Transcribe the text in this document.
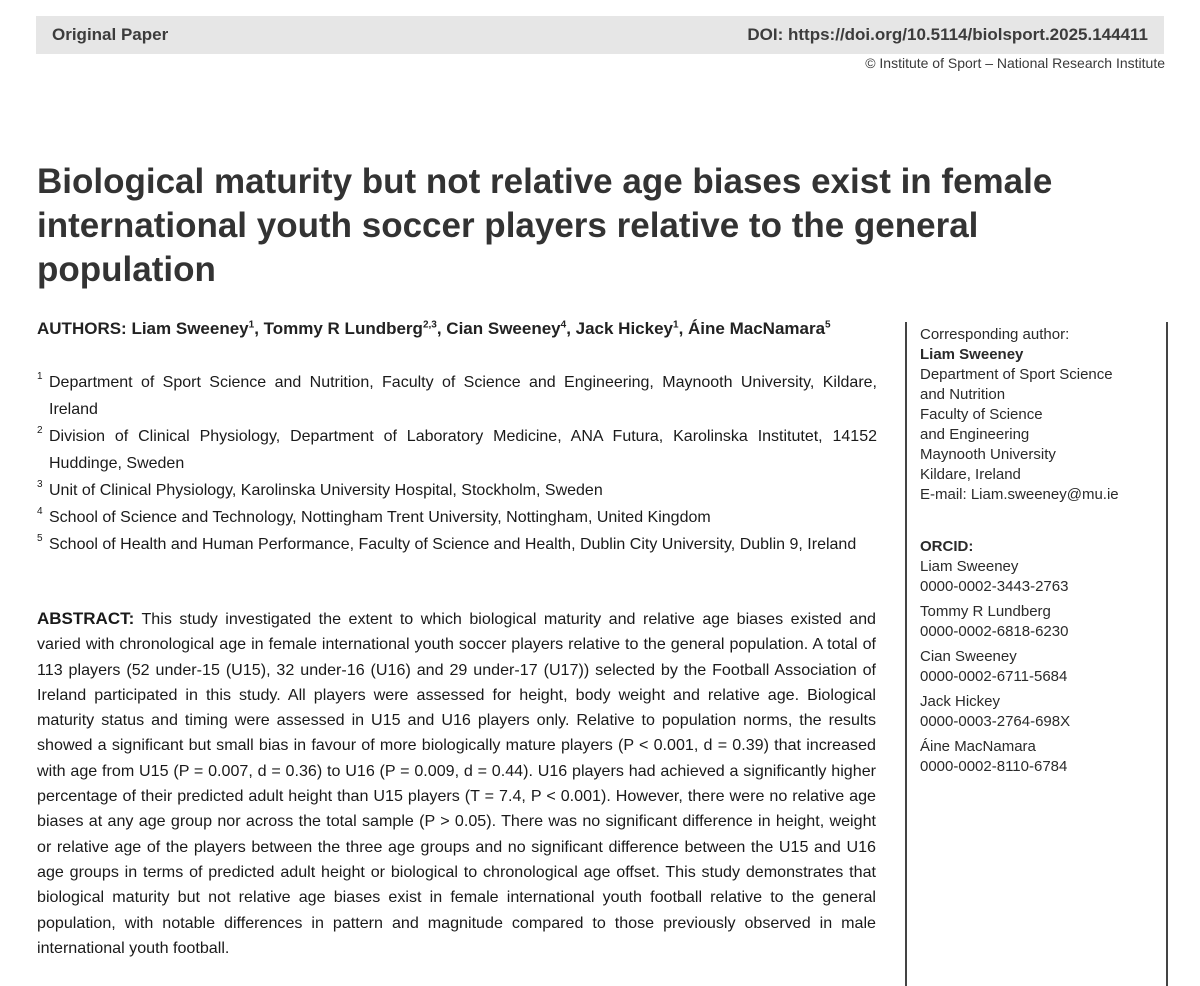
Original Paper	DOI: https://doi.org/10.5114/biolsport.2025.144411
© Institute of Sport – National Research Institute
Biological maturity but not relative age biases exist in female international youth soccer players relative to the general population
AUTHORS: Liam Sweeney$^1$, Tommy R Lundberg$^{2,3}$, Cian Sweeney$^4$, Jack Hickey$^1$, Áine MacNamara$^5$
1 Department of Sport Science and Nutrition, Faculty of Science and Engineering, Maynooth University, Kildare, Ireland
2 Division of Clinical Physiology, Department of Laboratory Medicine, ANA Futura, Karolinska Institutet, 14152 Huddinge, Sweden
3 Unit of Clinical Physiology, Karolinska University Hospital, Stockholm, Sweden
4 School of Science and Technology, Nottingham Trent University, Nottingham, United Kingdom
5 School of Health and Human Performance, Faculty of Science and Health, Dublin City University, Dublin 9, Ireland

ABSTRACT: This study investigated the extent to which biological maturity and relative age biases existed and varied with chronological age in female international youth soccer players relative to the general population. A total of 113 players (52 under-15 (U15), 32 under-16 (U16) and 29 under-17 (U17)) selected by the Football Association of Ireland participated in this study. All players were assessed for height, body weight and relative age. Biological maturity status and timing were assessed in U15 and U16 players only. Relative to population norms, the results showed a significant but small bias in favour of more biologically mature players (P < 0.001, d = 0.39) that increased with age from U15 (P = 0.007, d = 0.36) to U16 (P = 0.009, d = 0.44). U16 players had achieved a significantly higher percentage of their predicted adult height than U15 players (T = 7.4, P < 0.001). However, there were no relative age biases at any age group nor across the total sample (P > 0.05). There was no significant difference in height, weight or relative age of the players between the three age groups and no significant difference between the U15 and U16 age groups in terms of predicted adult height or biological to chronological age offset. This study demonstrates that biological maturity but not relative age biases exist in female international youth football relative to the general population, with notable differences in pattern and magnitude compared to those previously observed in male international youth football.

Corresponding author:
Liam Sweeney
Department of Sport Science
and Nutrition
Faculty of Science
and Engineering
Maynooth University
Kildare, Ireland
E-mail: Liam.sweeney@mu.ie
ORCID:
Liam Sweeney
0000-0002-3443-2763
Tommy R Lundberg
0000-0002-6818-6230
Cian Sweeney
0000-0002-6711-5684
Jack Hickey
0000-0003-2764-698X
Áine MacNamara
0000-0002-8110-6784
